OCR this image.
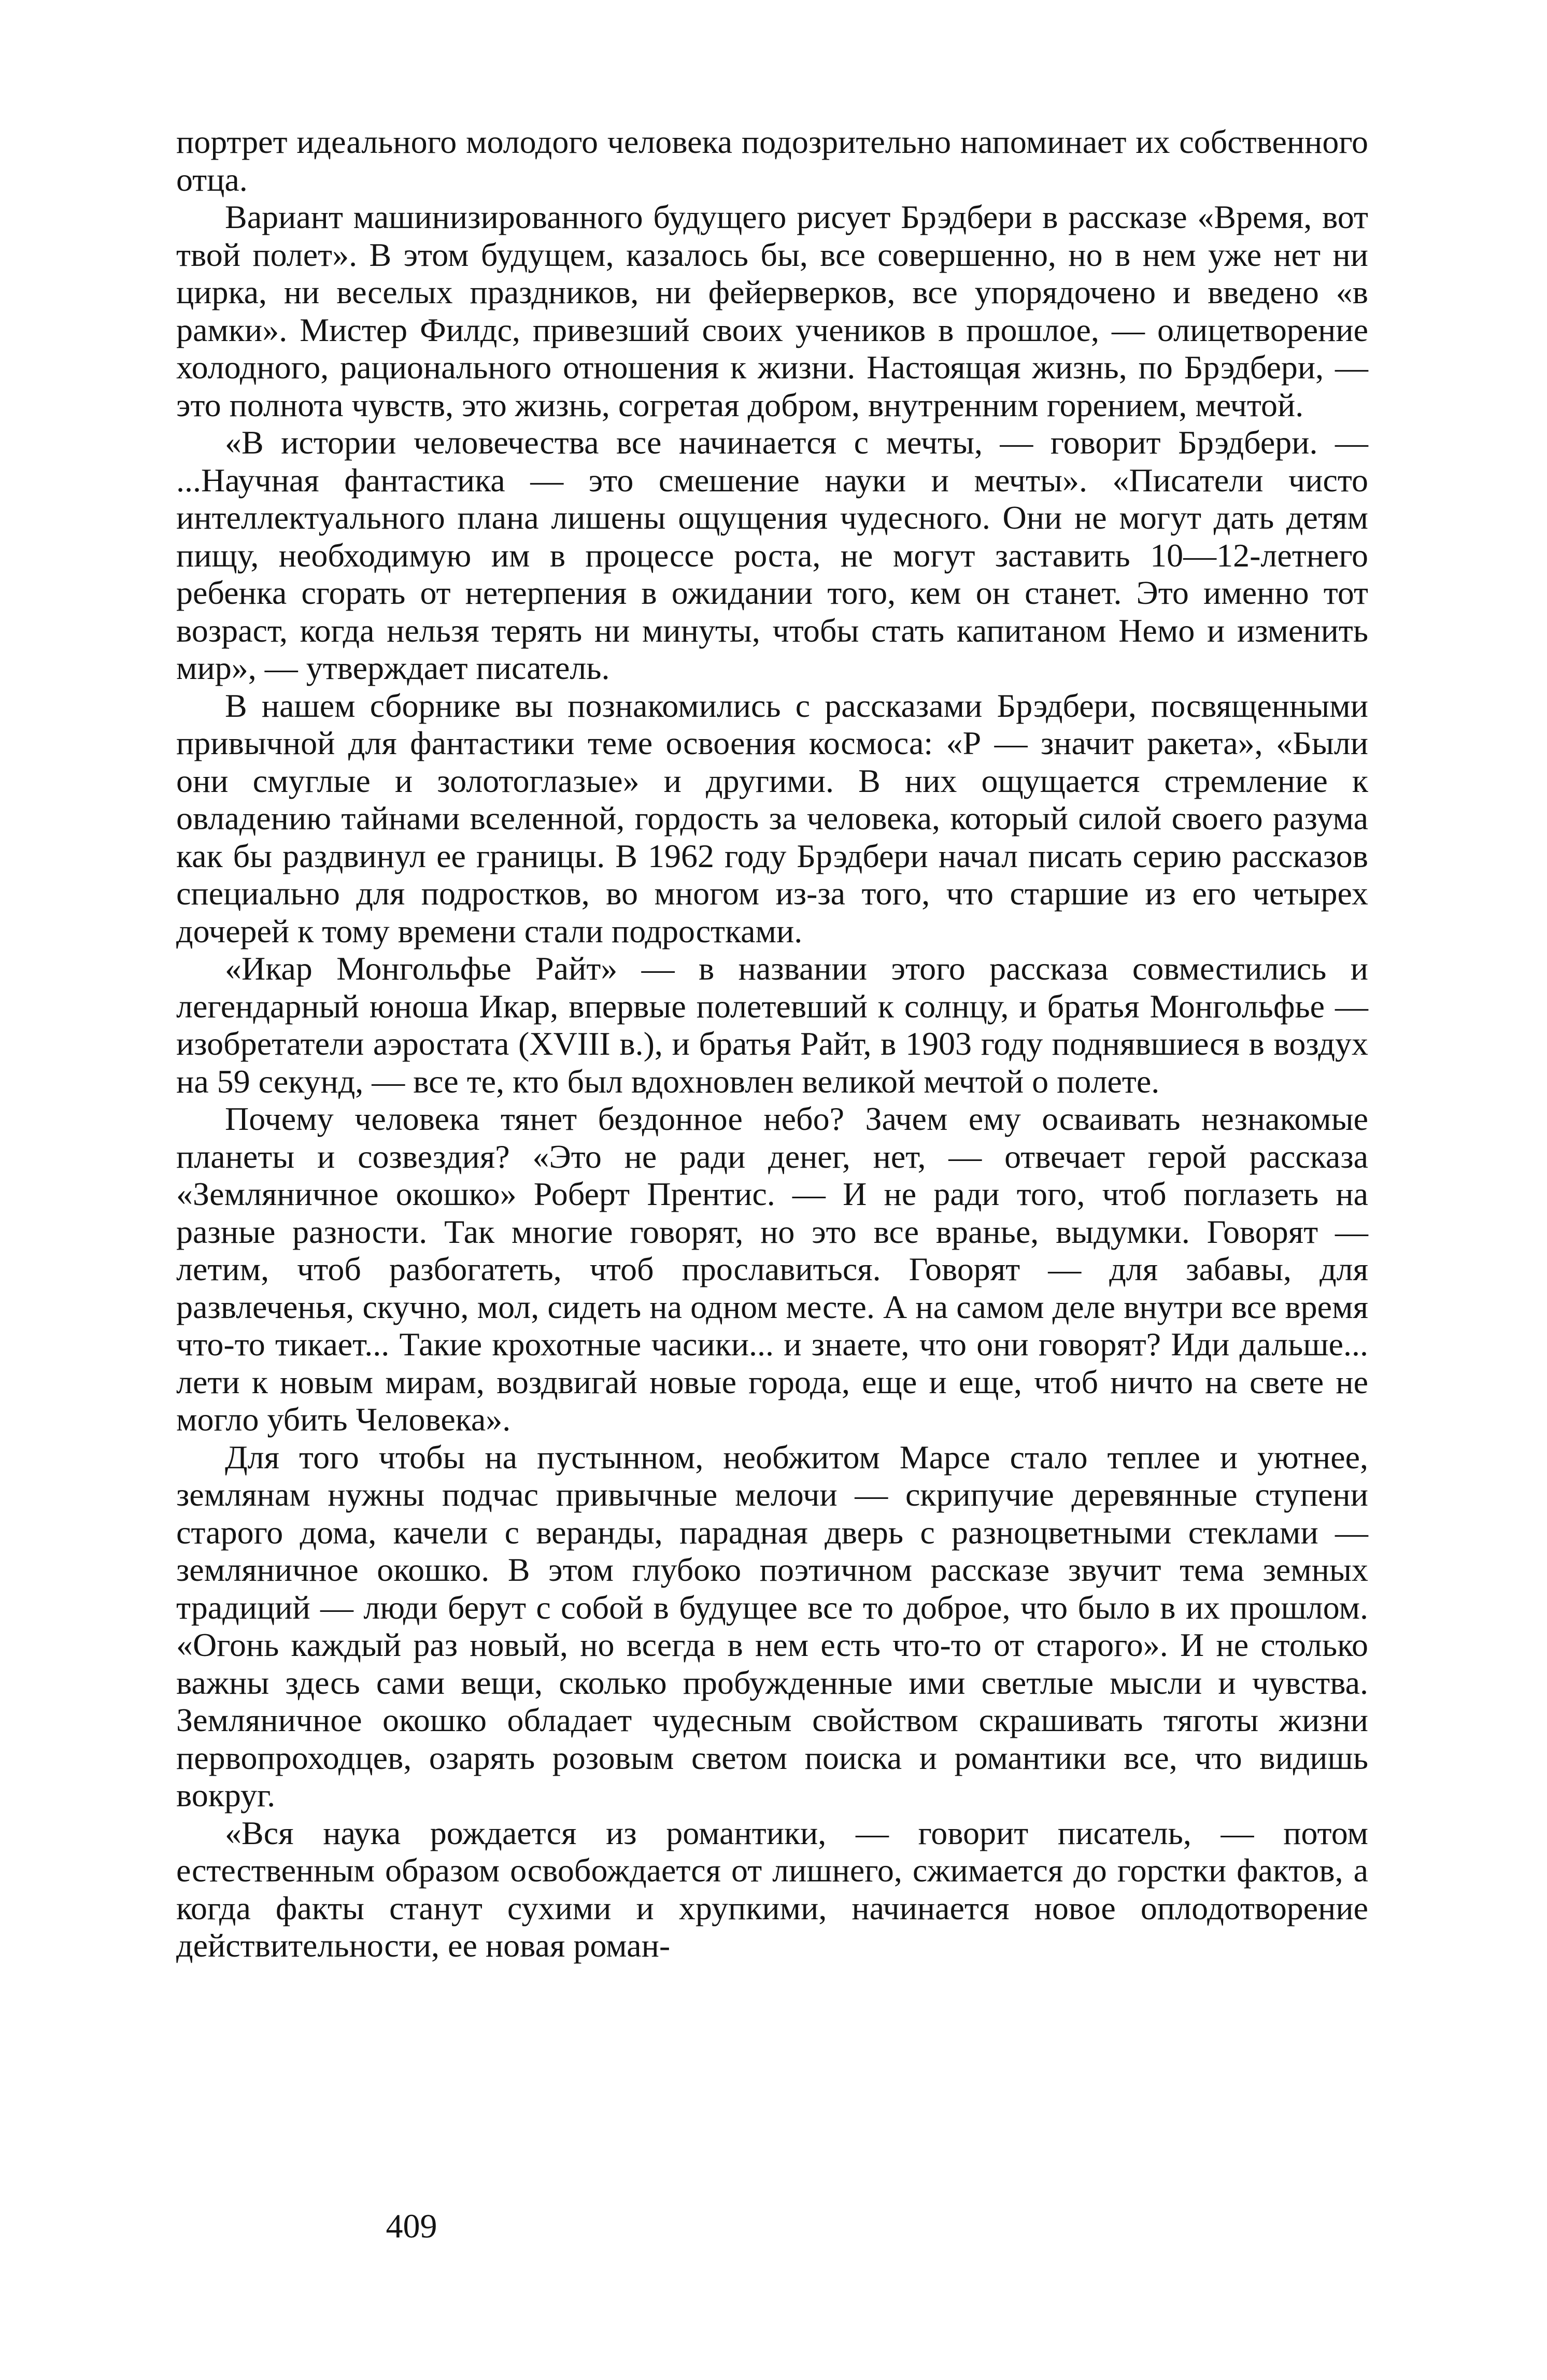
портрет идеального молодого человека подозрительно напоминает их собственного отца.

Вариант машинизированного будущего рисует Брэдбери в рассказе «Время, вот твой полет». В этом будущем, казалось бы, все совершенно, но в нем уже нет ни цирка, ни веселых праздников, ни фейерверков, все упорядочено и введено «в рамки». Мистер Филдс, привезший своих учеников в прошлое, — олицетворение холодного, рационального отношения к жизни. Настоящая жизнь, по Брэдбери, — это полнота чувств, это жизнь, согретая добром, внутренним горением, мечтой.

«В истории человечества все начинается с мечты, — говорит Брэдбери. — ...Научная фантастика — это смешение науки и мечты». «Писатели чисто интеллектуального плана лишены ощущения чудесного. Они не могут дать детям пищу, необходимую им в процессе роста, не могут заставить 10—12-летнего ребенка сгорать от нетерпения в ожидании того, кем он станет. Это именно тот возраст, когда нельзя терять ни минуты, чтобы стать капитаном Немо и изменить мир», — утверждает писатель.

В нашем сборнике вы познакомились с рассказами Брэдбери, посвященными привычной для фантастики теме освоения космоса: «Р — значит ракета», «Были они смуглые и золотоглазые» и другими. В них ощущается стремление к овладению тайнами вселенной, гордость за человека, который силой своего разума как бы раздвинул ее границы. В 1962 году Брэдбери начал писать серию рассказов специально для подростков, во многом из-за того, что старшие из его четырех дочерей к тому времени стали подростками.

«Икар Монгольфье Райт» — в названии этого рассказа совместились и легендарный юноша Икар, впервые полетевший к солнцу, и братья Монгольфье — изобретатели аэростата (XVIII в.), и братья Райт, в 1903 году поднявшиеся в воздух на 59 секунд, — все те, кто был вдохновлен великой мечтой о полете.

Почему человека тянет бездонное небо? Зачем ему осваивать незнакомые планеты и созвездия? «Это не ради денег, нет, — отвечает герой рассказа «Земляничное окошко» Роберт Прентис. — И не ради того, чтоб поглазеть на разные разности. Так многие говорят, но это все вранье, выдумки. Говорят — летим, чтоб разбогатеть, чтоб прославиться. Говорят — для забавы, для развлеченья, скучно, мол, сидеть на одном месте. А на самом деле внутри все время что-то тикает... Такие крохотные часики... и знаете, что они говорят? Иди дальше... лети к новым мирам, воздвигай новые города, еще и еще, чтоб ничто на свете не могло убить Человека».

Для того чтобы на пустынном, необжитом Марсе стало теплее и уютнее, землянам нужны подчас привычные мелочи — скрипучие деревянные ступени старого дома, качели с веранды, парадная дверь с разноцветными стеклами — земляничное окошко. В этом глубоко поэтичном рассказе звучит тема земных традиций — люди берут с собой в будущее все то доброе, что было в их прошлом. «Огонь каждый раз новый, но всегда в нем есть что-то от старого». И не столько важны здесь сами вещи, сколько пробужденные ими светлые мысли и чувства. Земляничное окошко обладает чудесным свойством скрашивать тяготы жизни первопроходцев, озарять розовым светом поиска и романтики все, что видишь вокруг.

«Вся наука рождается из романтики, — говорит писатель, — потом естественным образом освобождается от лишнего, сжимается до горстки фактов, а когда факты станут сухими и хрупкими, начинается новое оплодотворение действительности, ее новая роман-

409
